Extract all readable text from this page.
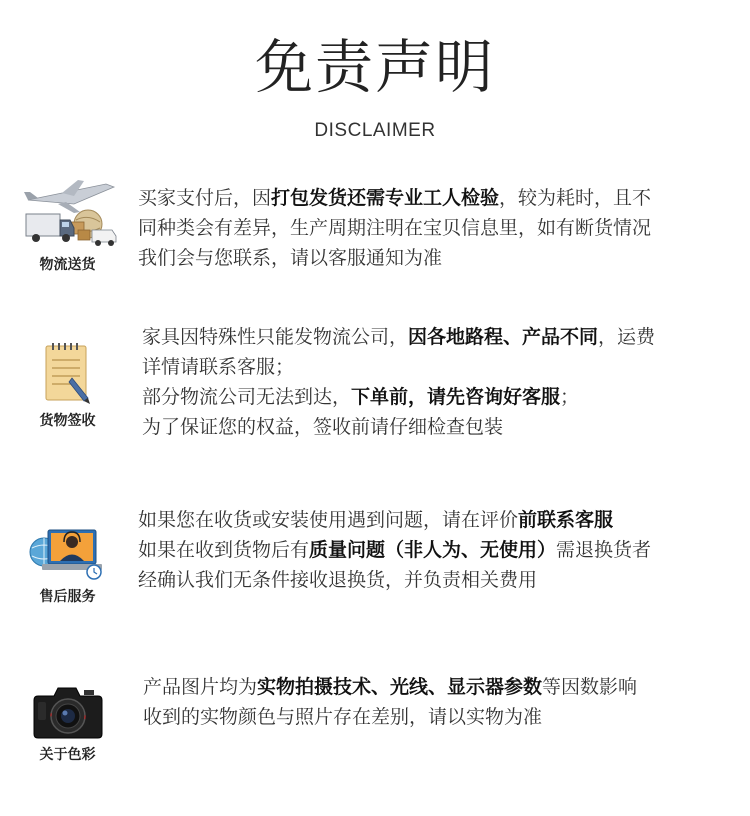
免责声明
DISCLAIMER
物流送货
买家支付后，因打包发货还需专业工人检验，较为耗时，且不
同种类会有差异，生产周期注明在宝贝信息里，如有断货情况
我们会与您联系，请以客服通知为准
货物签收
家具因特殊性只能发物流公司，因各地路程、产品不同，运费
详情请联系客服；
部分物流公司无法到达，下单前，请先咨询好客服；
为了保证您的权益，签收前请仔细检查包装
售后服务
如果您在收货或安装使用遇到问题，请在评价前联系客服
如果在收到货物后有质量问题（非人为、无使用）需退换货者
经确认我们无条件接收退换货，并负责相关费用
关于色彩
产品图片均为实物拍摄技术、光线、显示器参数等因数影响
收到的实物颜色与照片存在差别，请以实物为准
